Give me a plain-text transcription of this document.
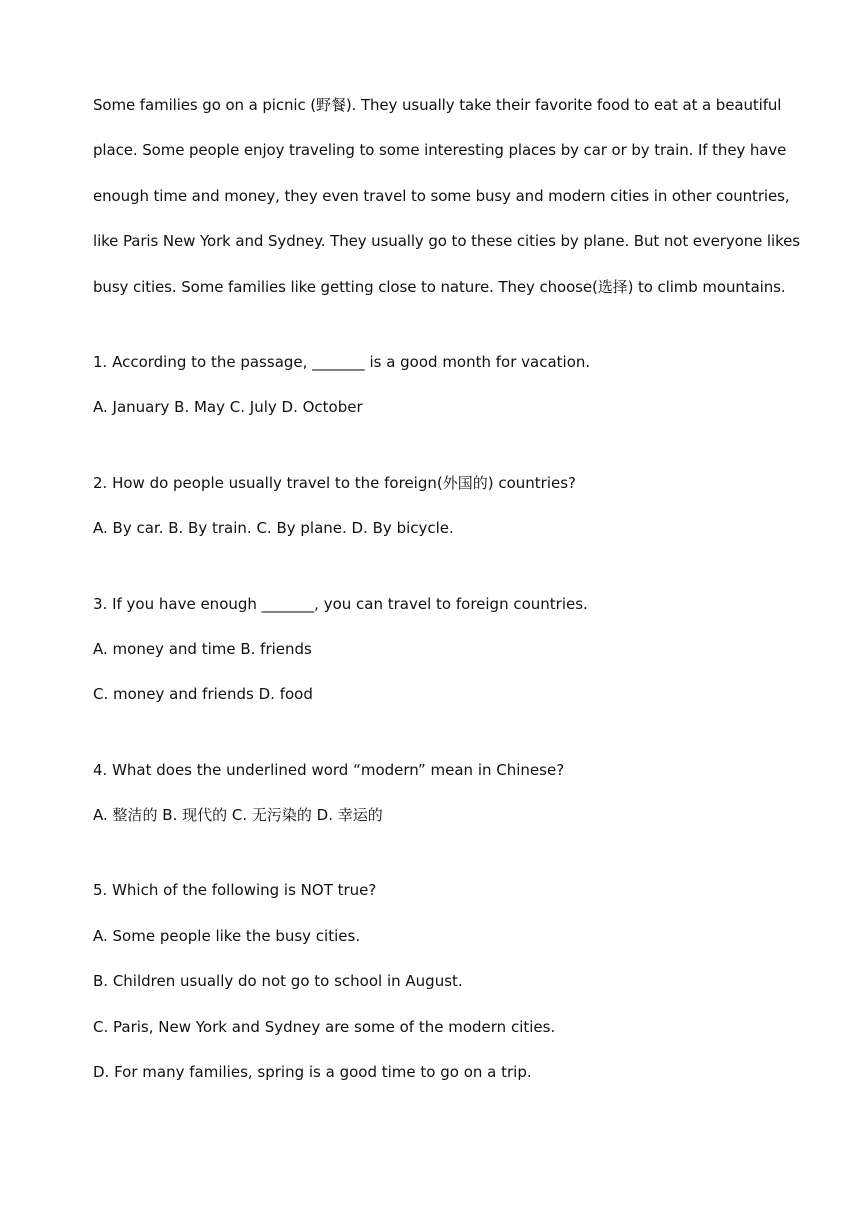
Some families go on a picnic (野餐). They usually take their favorite food to eat at a beautiful

place. Some people enjoy traveling to some interesting places by car or by train. If they have

enough time and money, they even travel to some busy and modern cities in other countries,

like Paris New York and Sydney. They usually go to these cities by plane. But not everyone likes

busy cities. Some families like getting close to nature. They choose(选择) to climb mountains.

1. According to the passage, _______ is a good month for vacation.

A. January B. May C. July D. October

2. How do people usually travel to the foreign(外国的) countries?

A. By car. B. By train. C. By plane. D. By bicycle.

3. If you have enough _______, you can travel to foreign countries.

A. money and time B. friends

C. money and friends D. food

4. What does the underlined word “modern” mean in Chinese?

A. 整洁的 B. 现代的 C. 无污染的 D. 幸运的

5. Which of the following is NOT true?

A. Some people like the busy cities.

B. Children usually do not go to school in August.

C. Paris, New York and Sydney are some of the modern cities.

D. For many families, spring is a good time to go on a trip.
